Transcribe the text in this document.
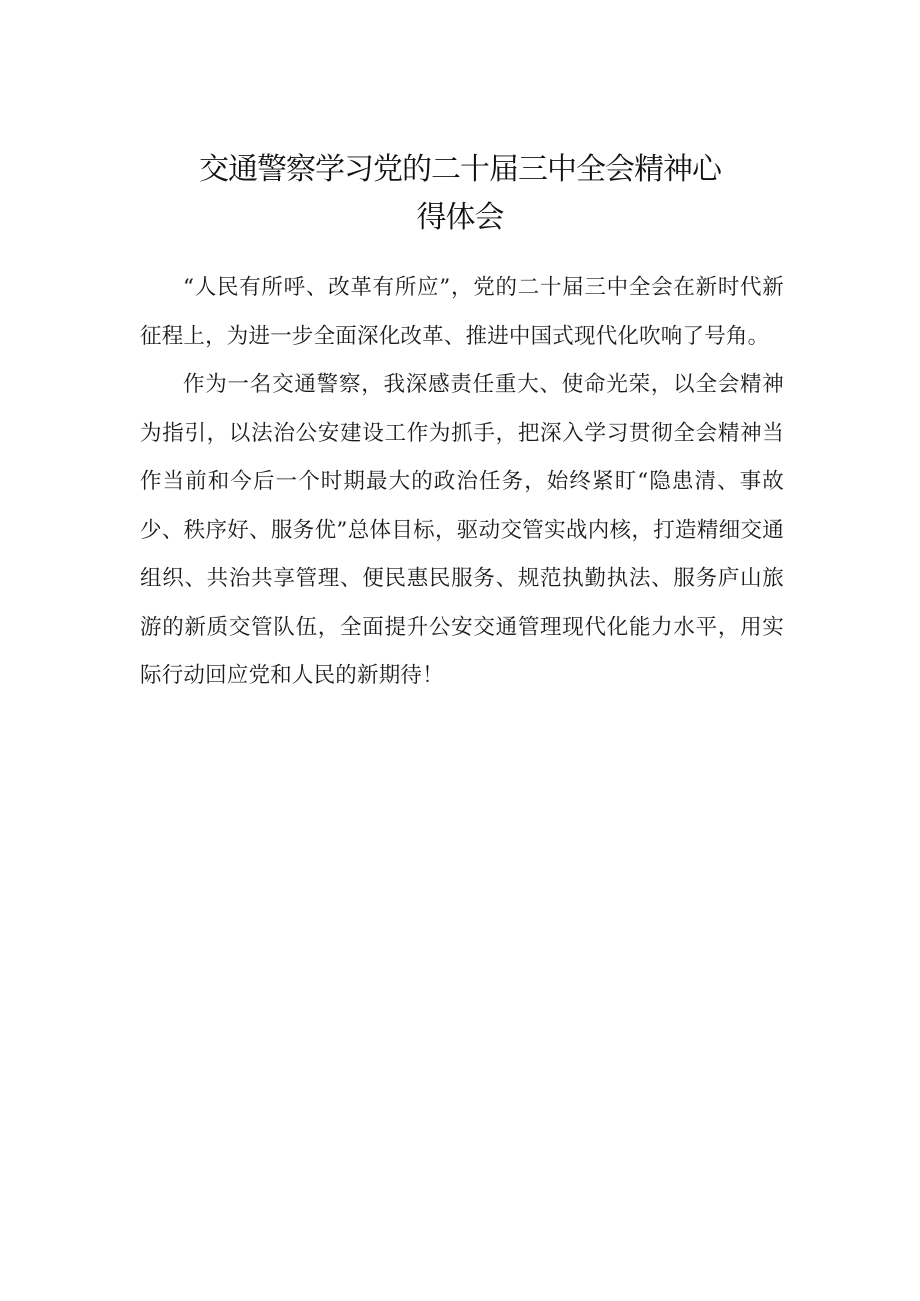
交通警察学习党的二十届三中全会精神心
得体会

“人民有所呼、改革有所应”，党的二十届三中全会在新时代新征程上，为进一步全面深化改革、推进中国式现代化吹响了号角。

作为一名交通警察，我深感责任重大、使命光荣，以全会精神为指引，以法治公安建设工作为抓手，把深入学习贯彻全会精神当作当前和今后一个时期最大的政治任务，始终紧盯“隐患清、事故少、秩序好、服务优”总体目标，驱动交管实战内核，打造精细交通组织、共治共享管理、便民惠民服务、规范执勤执法、服务庐山旅游的新质交管队伍，全面提升公安交通管理现代化能力水平，用实际行动回应党和人民的新期待！
